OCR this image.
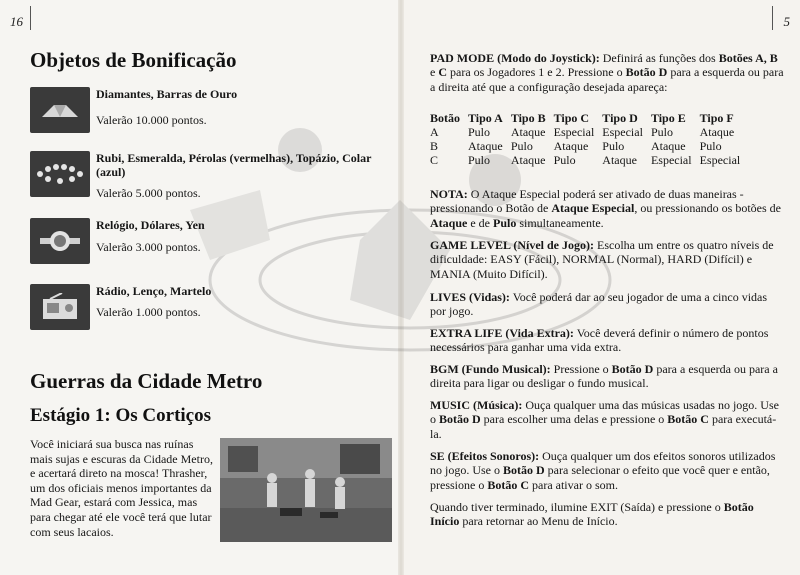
16	5
Objetos de Bonificação
Diamantes, Barras de Ouro
Valerão 10.000 pontos.
Rubi, Esmeralda, Pérolas (vermelhas), Topázio, Colar (azul)
Valerão 5.000 pontos.
Relógio, Dólares, Yen
Valerão 3.000 pontos.
Rádio, Lenço, Martelo
Valerão 1.000 pontos.
Guerras da Cidade Metro
Estágio 1: Os Cortiços
Você iniciará sua busca nas ruínas mais sujas e escuras da Cidade Metro, e acertará direto na mosca! Thrasher, um dos oficiais menos importantes da Mad Gear, estará com Jessica, mas para chegar até ele você terá que lutar com seus lacaios.
PAD MODE (Modo do Joystick): Definirá as funções dos Botões A, B e C para os Jogadores 1 e 2. Pressione o Botão D para a esquerda ou para a direita até que a configuração desejada apareça:
Botão	Tipo A	Tipo B	Tipo C	Tipo D	Tipo E	Tipo F
A	Pulo	Ataque	Especial	Especial	Pulo	Ataque
B	Ataque	Pulo	Ataque	Pulo	Ataque	Pulo
C	Pulo	Ataque	Pulo	Ataque	Especial	Especial
NOTA: O Ataque Especial poderá ser ativado de duas maneiras - pressionando o Botão de Ataque Especial, ou pressionando os botões de Ataque e de Pulo simultaneamente.
GAME LEVEL (Nível de Jogo): Escolha um entre os quatro níveis de dificuldade: EASY (Fácil), NORMAL (Normal), HARD (Difícil) e MANIA (Muito Difícil).
LIVES (Vidas): Você poderá dar ao seu jogador de uma a cinco vidas por jogo.
EXTRA LIFE (Vida Extra): Você deverá definir o número de pontos necessários para ganhar uma vida extra.
BGM (Fundo Musical): Pressione o Botão D para a esquerda ou para a direita para ligar ou desligar o fundo musical.
MUSIC (Música): Ouça qualquer uma das músicas usadas no jogo. Use o Botão D para escolher uma delas e pressione o Botão C para executá-la.
SE (Efeitos Sonoros): Ouça qualquer um dos efeitos sonoros utilizados no jogo. Use o Botão D para selecionar o efeito que você quer e então, pressione o Botão C para ativar o som.
Quando tiver terminado, ilumine EXIT (Saída) e pressione o Botão Início para retornar ao Menu de Início.
